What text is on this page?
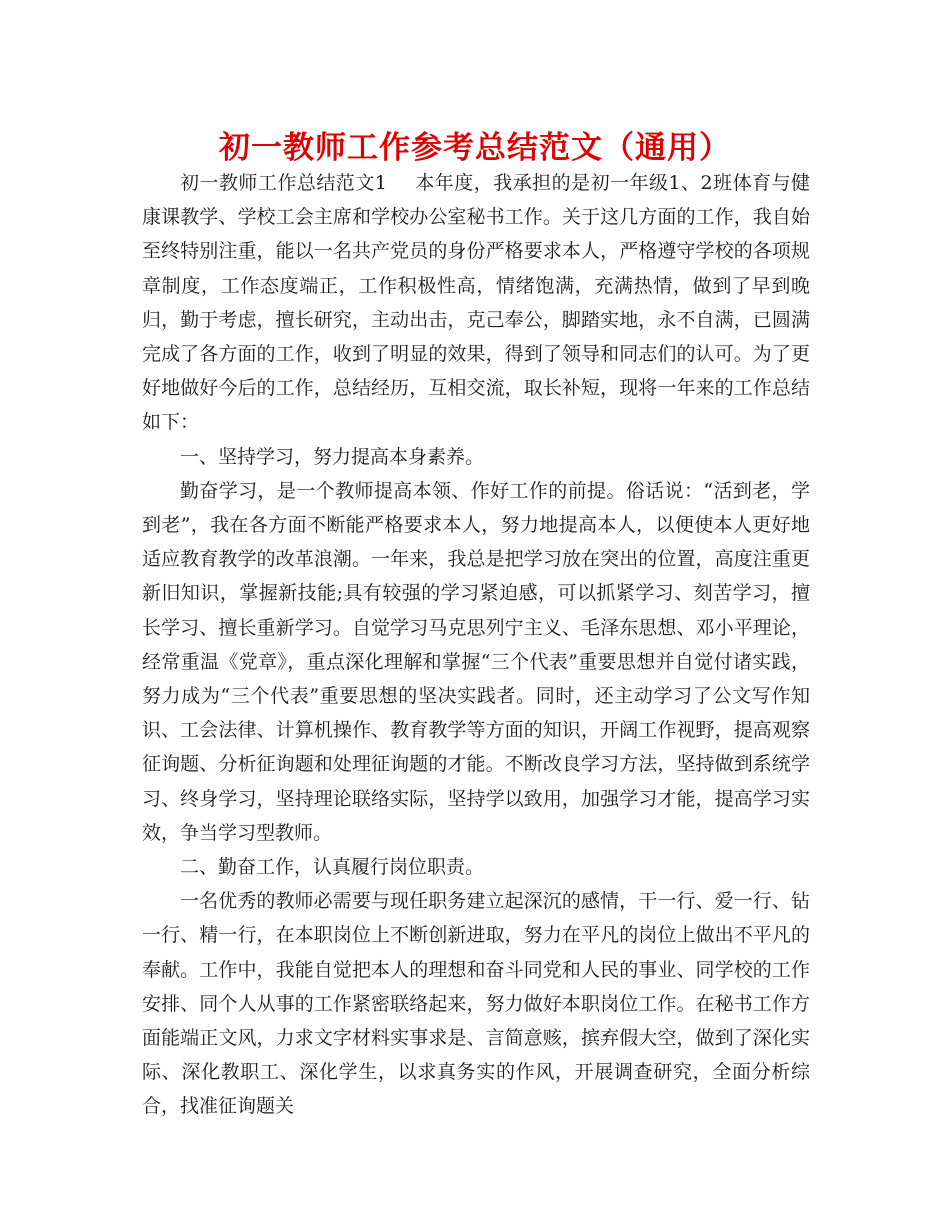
初一教师工作参考总结范文（通用）

初一教师工作总结范文1 本年度，我承担的是初一年级1、2班体育与健康课教学、学校工会主席和学校办公室秘书工作。关于这几方面的工作，我自始至终特别注重，能以一名共产党员的身份严格要求本人，严格遵守学校的各项规章制度，工作态度端正，工作积极性高，情绪饱满，充满热情，做到了早到晚归，勤于考虑，擅长研究，主动出击，克己奉公，脚踏实地，永不自满，已圆满完成了各方面的工作，收到了明显的效果，得到了领导和同志们的认可。为了更好地做好今后的工作，总结经历，互相交流，取长补短，现将一年来的工作总结如下：

一、坚持学习，努力提高本身素养。

勤奋学习，是一个教师提高本领、作好工作的前提。俗话说：“活到老，学到老”，我在各方面不断能严格要求本人，努力地提高本人，以便使本人更好地适应教育教学的改革浪潮。一年来，我总是把学习放在突出的位置，高度注重更新旧知识，掌握新技能;具有较强的学习紧迫感，可以抓紧学习、刻苦学习，擅长学习、擅长重新学习。自觉学习马克思列宁主义、毛泽东思想、邓小平理论，经常重温《党章》，重点深化理解和掌握“三个代表”重要思想并自觉付诸实践，努力成为“三个代表”重要思想的坚决实践者。同时，还主动学习了公文写作知识、工会法律、计算机操作、教育教学等方面的知识，开阔工作视野，提高观察征询题、分析征询题和处理征询题的才能。不断改良学习方法，坚持做到系统学习、终身学习，坚持理论联络实际，坚持学以致用，加强学习才能，提高学习实效，争当学习型教师。

二、勤奋工作，认真履行岗位职责。

一名优秀的教师必需要与现任职务建立起深沉的感情，干一行、爱一行、钻一行、精一行，在本职岗位上不断创新进取，努力在平凡的岗位上做出不平凡的奉献。工作中，我能自觉把本人的理想和奋斗同党和人民的事业、同学校的工作安排、同个人从事的工作紧密联络起来，努力做好本职岗位工作。在秘书工作方面能端正文风，力求文字材料实事求是、言简意赅，摈弃假大空，做到了深化实际、深化教职工、深化学生，以求真务实的作风，开展调查研究，全面分析综合，找准征询题关
